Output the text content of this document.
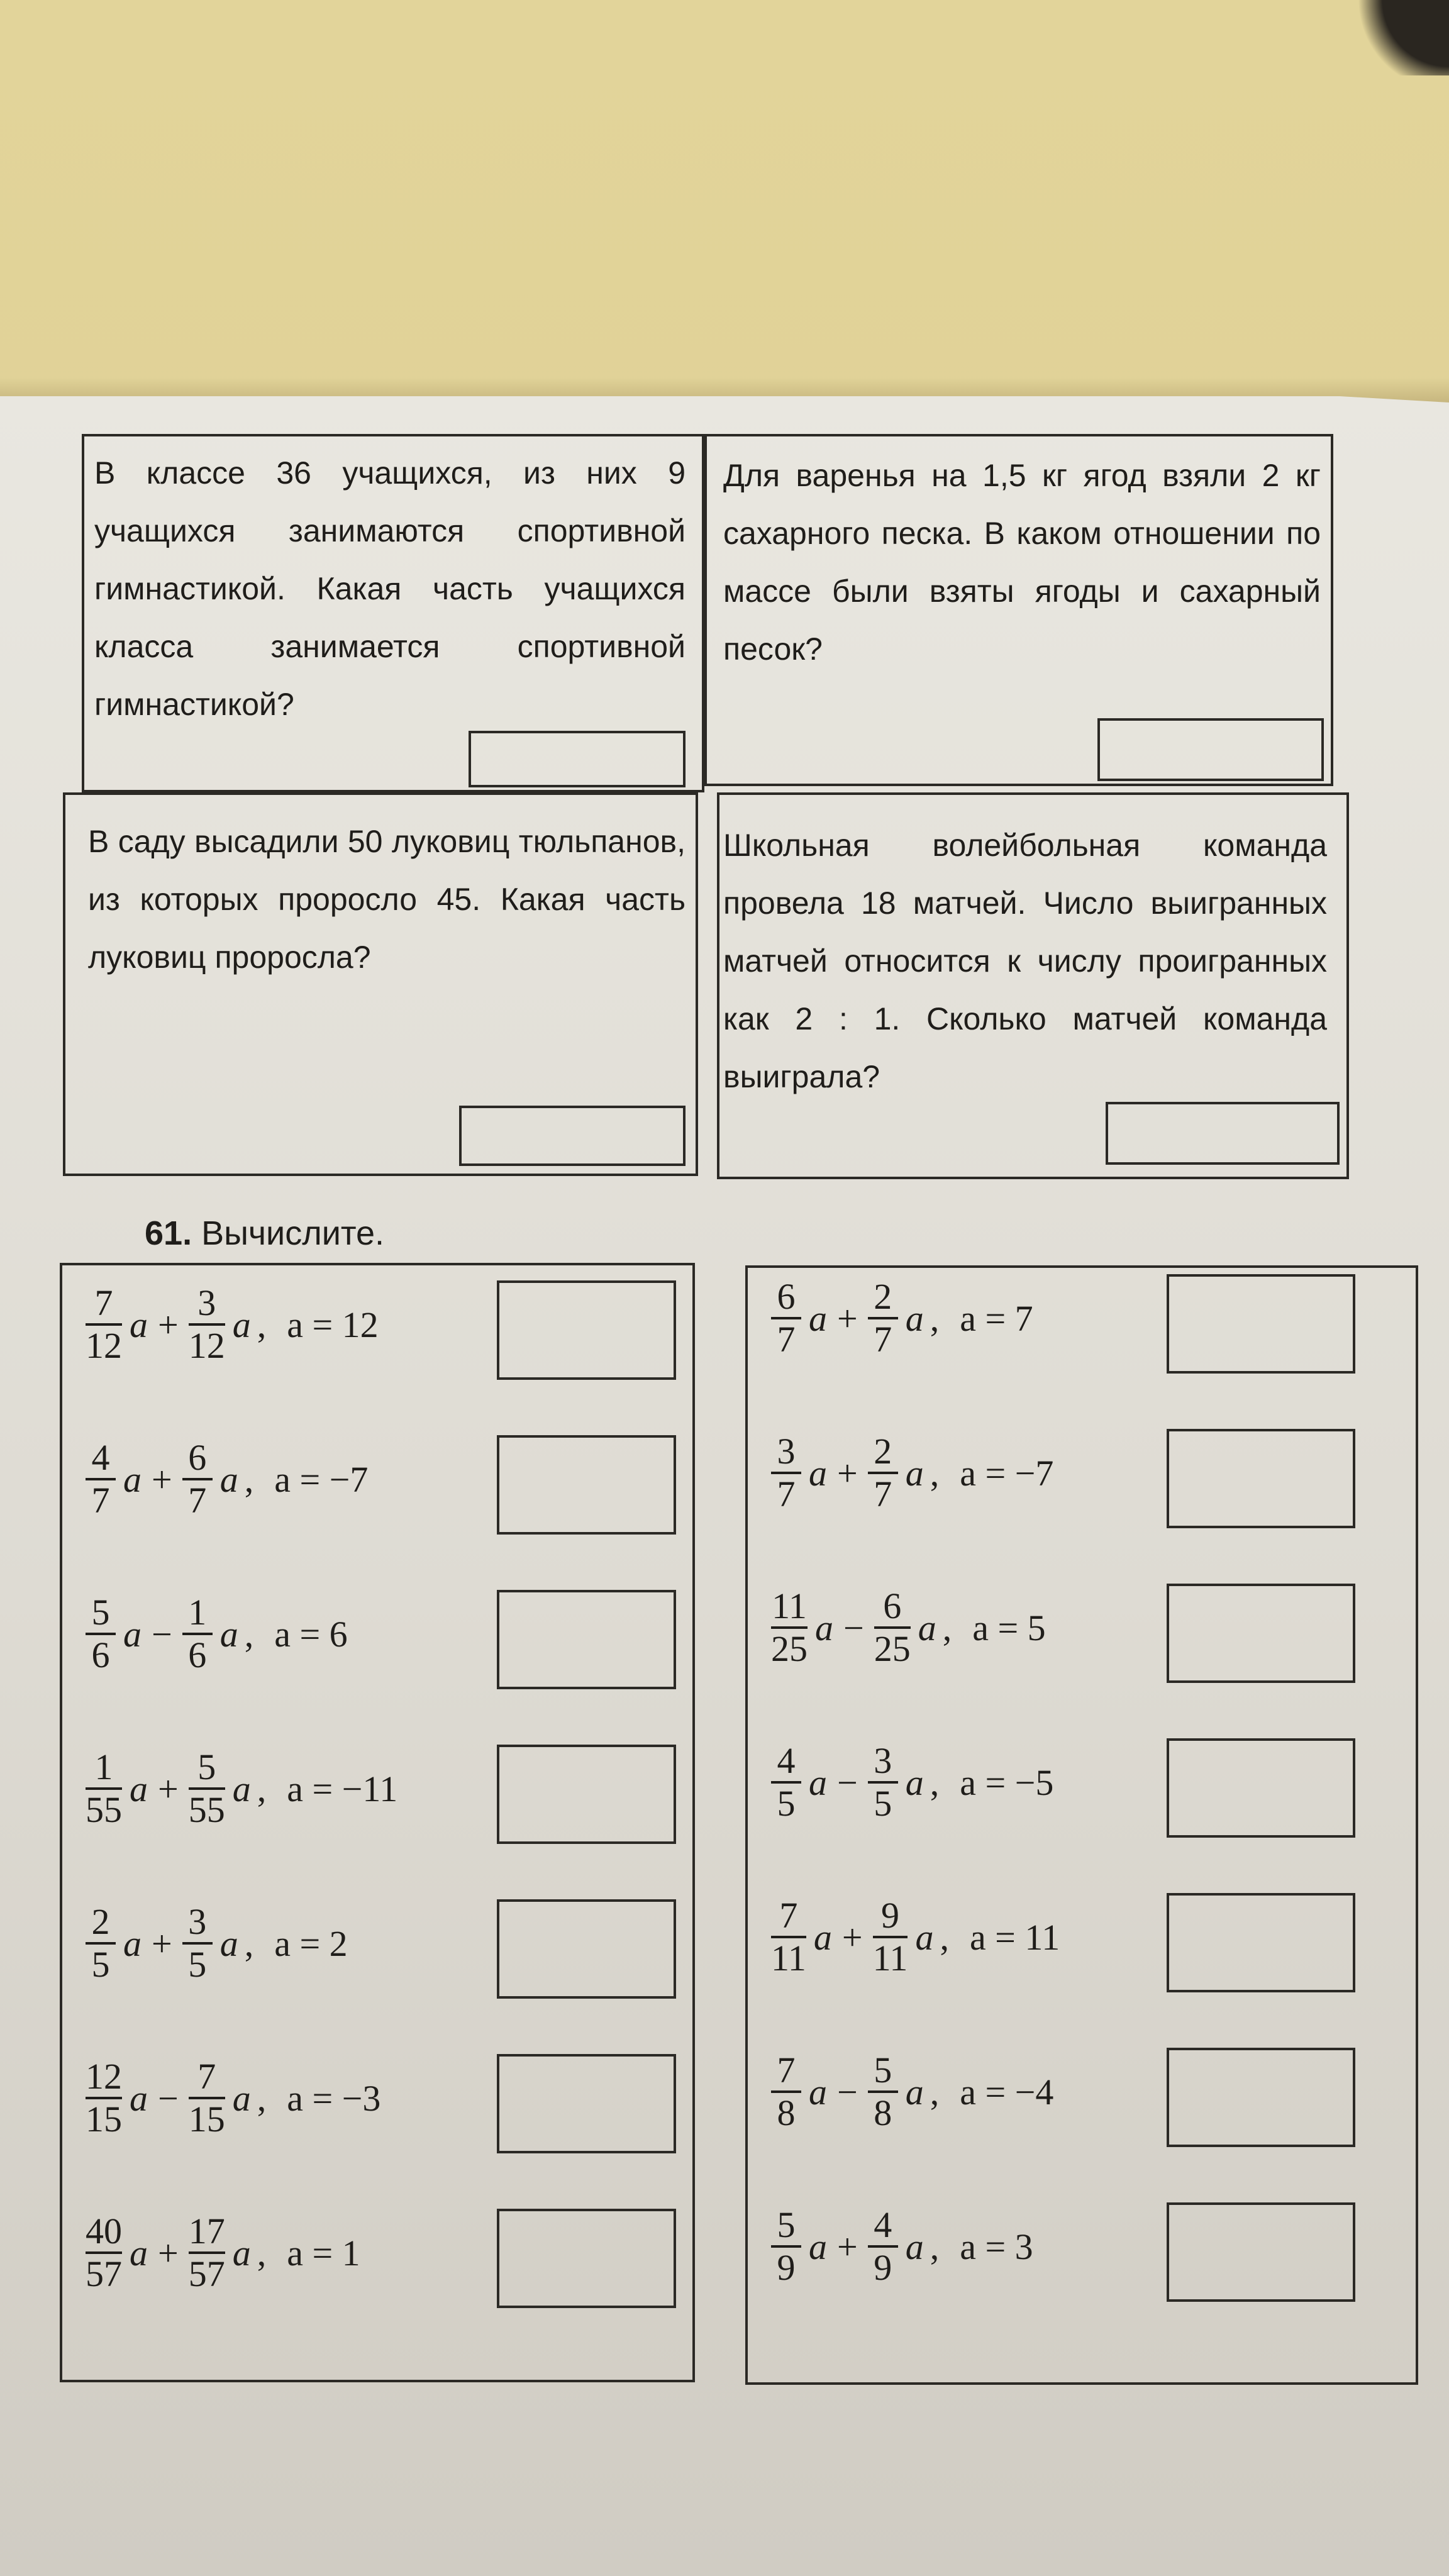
В классе 36 учащихся, из них 9 учащихся занимаются спортивной гимнастикой. Какая часть учащихся класса занимается спортивной гимнастикой?
Для варенья на 1,5 кг ягод взяли 2 кг сахарного песка. В каком отношении по массе были взяты ягоды и сахарный песок?
В саду высадили 50 луковиц тюльпанов, из которых проросло 45. Какая часть луковиц проросла?
Школьная волейбольная команда провела 18 матчей. Число выигранных матчей относится к числу проигранных как 2 : 1. Сколько матчей команда выиграла?
61. Вычислите.
$\frac{7}{12}$ $a + \frac{3}{12}$ a , a = 12
$\frac{4}{7}$ $a + \frac{6}{7}$ a , a = −7
$\frac{5}{6}$ $a - \frac{1}{6}$ a , a = 6
$\frac{1}{55}$ $a + \frac{5}{55}$ a , a = −11
$\frac{2}{5}$ $a + \frac{3}{5}$ a , a = 2
$\frac{12}{15}$ $a - \frac{7}{15}$ a , a = −3
$\frac{40}{57}$ $a + \frac{17}{57}$ a , a = 1
$\frac{6}{7}$ $a + \frac{2}{7}$ a , a = 7
$\frac{3}{7}$ $a + \frac{2}{7}$ a , a = −7
$\frac{11}{25}$ $a - \frac{6}{25}$ a , a = 5
$\frac{4}{5}$ $a - \frac{3}{5}$ a , a = −5
$\frac{7}{11}$ $a + \frac{9}{11}$ a , a = 11
$\frac{7}{8}$ $a - \frac{5}{8}$ a , a = −4
$\frac{5}{9}$ $a + \frac{4}{9}$ a , a = 3
